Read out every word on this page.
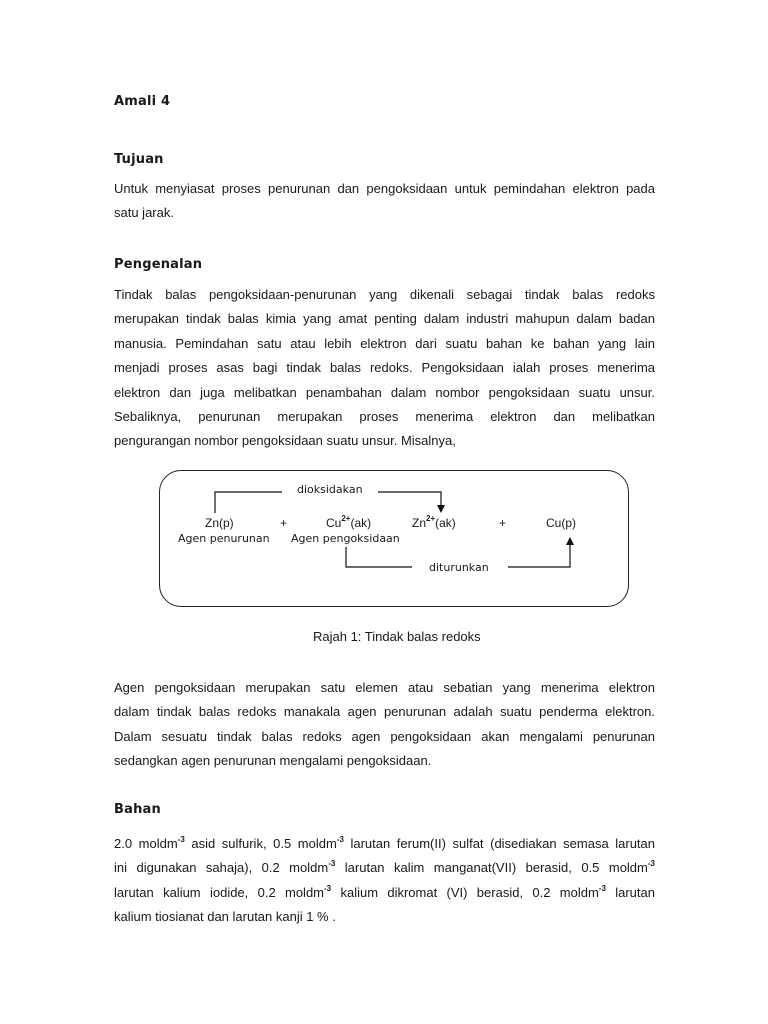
Amali 4
Tujuan
Untuk menyiasat proses penurunan dan pengoksidaan untuk pemindahan elektron pada
satu jarak.
Pengenalan
Tindak balas pengoksidaan-penurunan yang dikenali sebagai tindak balas redoks
merupakan tindak balas kimia yang amat penting dalam industri mahupun dalam badan
manusia. Pemindahan satu atau lebih elektron dari suatu bahan ke bahan yang lain
menjadi proses asas bagi tindak balas redoks. Pengoksidaan ialah proses menerima
elektron dan juga melibatkan penambahan dalam nombor pengoksidaan suatu unsur.
Sebaliknya, penurunan merupakan proses menerima elektron dan melibatkan
pengurangan nombor pengoksidaan suatu unsur. Misalnya,
dioksidakan
Zn(p)	+	$Cu^{2+}(ak)$	$Zn^{2+}(ak)$	+	Cu(p)
Agen penurunan Agen pengoksidaan
diturunkan
Rajah 1: Tindak balas redoks
Agen pengoksidaan merupakan satu elemen atau sebatian yang menerima elektron
dalam tindak balas redoks manakala agen penurunan adalah suatu penderma elektron.
Dalam sesuatu tindak balas redoks agen pengoksidaan akan mengalami penurunan
sedangkan agen penurunan mengalami pengoksidaan.
Bahan
2.0 moldm$^{-3}$ asid sulfurik, 0.5 moldm$^{-3}$ larutan ferum(II) sulfat (disediakan semasa larutan
ini digunakan sahaja), 0.2 moldm$^{-3}$ larutan kalim manganat(VII) berasid, 0.5 moldm$^{-3}$
larutan kalium iodide, 0.2 moldm$^{-3}$ kalium dikromat (VI) berasid, 0.2 moldm$^{-3}$ larutan
kalium tiosianat dan larutan kanji 1 % .
